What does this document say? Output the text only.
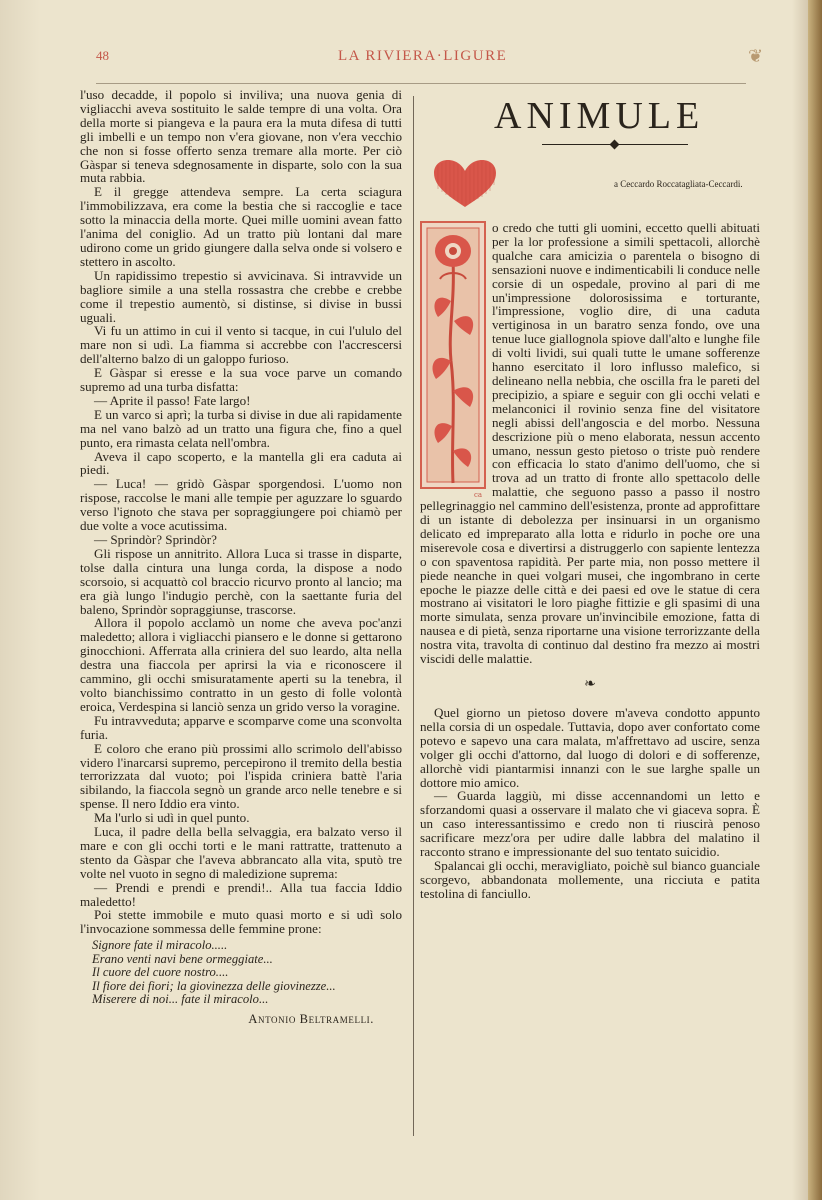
48	LA RIVIERA·LIGURE	❦

l'uso decadde, il popolo si inviliva; una nuova genia di vigliacchi aveva sostituito le salde tempre di una volta. Ora della morte si piangeva e la paura era la muta difesa di tutti gli imbelli e un tempo non v'era giovane, non v'era vecchio che non si fosse offerto senza tremare alla morte. Per ciò Gàspar si teneva sdegnosamente in disparte, solo con la sua muta rabbia.

E il gregge attendeva sempre. La certa sciagura l'immobilizzava, era come la bestia che si raccoglie e tace sotto la minaccia della morte. Quei mille uomini avean fatto l'anima del coniglio. Ad un tratto più lontani dal mare udirono come un grido giungere dalla selva onde si volsero e stettero in ascolto.

Un rapidissimo trepestio si avvicinava. Si intravvide un bagliore simile a una stella rossastra che crebbe e crebbe come il trepestio aumentò, si distinse, si divise in bussi uguali.

Vi fu un attimo in cui il vento si tacque, in cui l'ululo del mare non si udì. La fiamma si accrebbe con l'accrescersi dell'alterno balzo di un galoppo furioso.

E Gàspar si eresse e la sua voce parve un comando supremo ad una turba disfatta:

— Aprite il passo! Fate largo!

E un varco si aprì; la turba si divise in due ali rapidamente ma nel vano balzò ad un tratto una figura che, fino a quel punto, era rimasta celata nell'ombra.

Aveva il capo scoperto, e la mantella gli era caduta ai piedi.

— Luca! — gridò Gàspar sporgendosi. L'uomo non rispose, raccolse le mani alle tempie per aguzzare lo sguardo verso l'ignoto che stava per sopraggiungere poi chiamò per due volte a voce acutissima.

— Sprindòr? Sprindòr?

Gli rispose un annitrito. Allora Luca si trasse in disparte, tolse dalla cintura una lunga corda, la dispose a nodo scorsoio, si acquattò col braccio ricurvo pronto al lancio; ma era già lungo l'indugio perchè, con la saettante furia del baleno, Sprindòr sopraggiunse, trascorse.

Allora il popolo acclamò un nome che aveva poc'anzi maledetto; allora i vigliacchi piansero e le donne si gettarono ginocchioni. Afferrata alla criniera del suo leardo, alta nella destra una fiaccola per aprirsi la via e riconoscere il cammino, gli occhi smisuratamente aperti su la tenebra, il volto bianchissimo contratto in un gesto di folle volontà eroica, Verdespina si lanciò senza un grido verso la voragine.

Fu intravveduta; apparve e scomparve come una sconvolta furia.

E coloro che erano più prossimi allo scrimolo dell'abisso videro l'inarcarsi supremo, percepirono il tremito della bestia terrorizzata dal vuoto; poi l'ispida criniera battè l'aria sibilando, la fiaccola segnò un grande arco nelle tenebre e si spense. Il nero Iddio era vinto.

Ma l'urlo si udì in quel punto.

Luca, il padre della bella selvaggia, era balzato verso il mare e con gli occhi torti e le mani rattratte, trattenuto a stento da Gàspar che l'aveva abbrancato alla vita, sputò tre volte nel vuoto in segno di maledizione suprema:

— Prendi e prendi e prendi!.. Alla tua faccia Iddio maledetto!

Poi stette immobile e muto quasi morto e si udì solo l'invocazione sommessa delle femmine prone:

Signore fate il miracolo.....
Erano venti navi bene ormeggiate...
Il cuore del cuore nostro....
Il fiore dei fiori; la giovinezza delle giovinezze...
Miserere di noi... fate il miracolo...
Antonio Beltramelli.
ANIMULE
a Ceccardo Roccatagliata-Ceccardi.
ca

o credo che tutti gli uomini, eccetto quelli abituati per la lor professione a simili spettacoli, allorchè qualche cara amicizia o parentela o bisogno di sensazioni nuove e indimenticabili li conduce nelle corsie di un ospedale, provino al pari di me un'impressione dolorosissima e torturante, l'impressione, voglio dire, di una caduta vertiginosa in un baratro senza fondo, ove una tenue luce giallognola spiove dall'alto e lunghe file di volti lividi, sui quali tutte le umane sofferenze hanno esercitato il loro influsso malefico, si delineano nella nebbia, che oscilla fra le pareti del precipizio, a spiare e seguir con gli occhi velati e melanconici il rovinio senza fine del visitatore negli abissi dell'angoscia e del morbo. Nessuna descrizione più o meno elaborata, nessun accento umano, nessun gesto pietoso o triste può rendere con efficacia lo stato d'animo dell'uomo, che si trova ad un tratto di fronte allo spettacolo delle malattie, che seguono passo a passo il nostro pellegrinaggio nel cammino dell'esistenza, pronte ad approfittare di un istante di debolezza per insinuarsi in un organismo delicato ed impreparato alla lotta e ridurlo in poche ore una miserevole cosa e divertirsi a distruggerlo con sapiente lentezza o con spaventosa rapidità. Per parte mia, non posso mettere il piede neanche in quei volgari musei, che ingombrano in certe epoche le piazze delle città e dei paesi ed ove le statue di cera mostrano ai visitatori le loro piaghe fittizie e gli spasimi di una morte simulata, senza provare un'invincibile emozione, fatta di nausea e di pietà, senza riportarne una visione terrorizzante della nostra vita, travolta di continuo dal destino fra mezzo ai mostri viscidi delle malattie.

❧

Quel giorno un pietoso dovere m'aveva condotto appunto nella corsia di un ospedale. Tuttavia, dopo aver confortato come potevo e sapevo una cara malata, m'affrettavo ad uscire, senza volger gli occhi d'attorno, dal luogo di dolori e di sofferenze, allorchè vidi piantarmisi innanzi con le sue larghe spalle un dottore mio amico.

— Guarda laggiù, mi disse accennandomi un letto e sforzandomi quasi a osservare il malato che vi giaceva sopra. È un caso interessantissimo e credo non ti riuscirà penoso sacrificare mezz'ora per udire dalle labbra del malatino il racconto strano e impressionante del suo tentato suicidio.

Spalancai gli occhi, meravigliato, poichè sul bianco guanciale scorgevo, abbandonata mollemente, una ricciuta e patita testolina di fanciullo.
